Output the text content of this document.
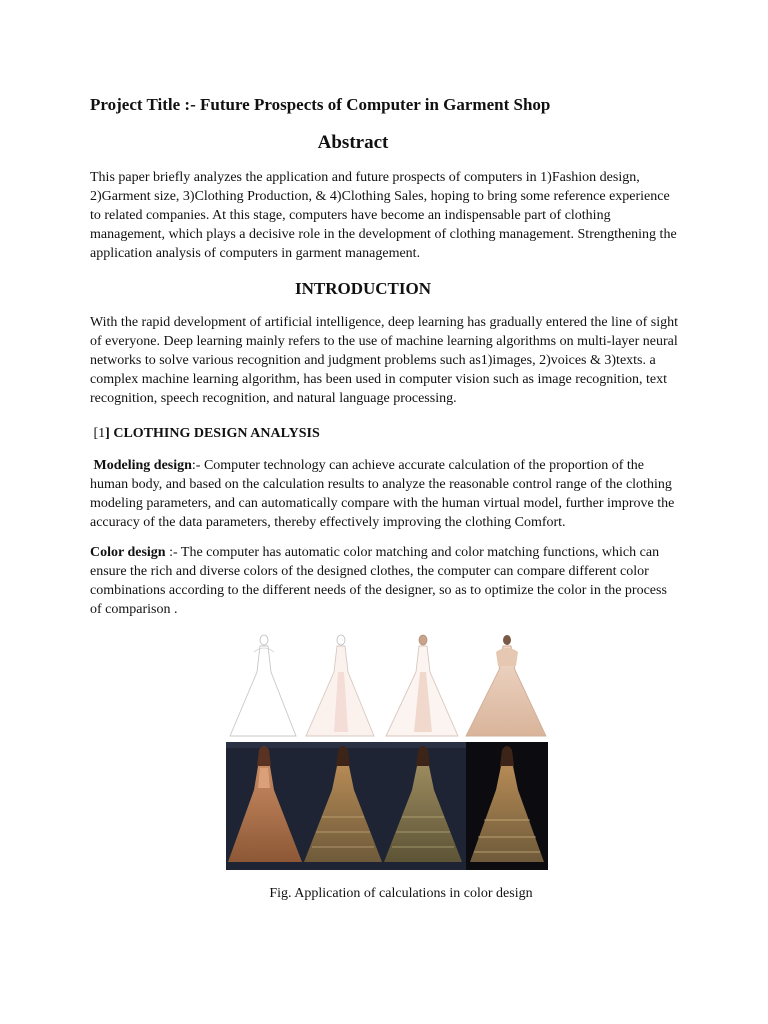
Project Title :- Future Prospects of Computer in Garment Shop
Abstract
This paper briefly analyzes the application and future prospects of computers in 1)Fashion design, 2)Garment size, 3)Clothing Production, & 4)Clothing Sales, hoping to bring some reference experience to related companies. At this stage, computers have become an indispensable part of clothing management, which plays a decisive role in the development of clothing management. Strengthening the application analysis of computers in garment management.
INTRODUCTION
With the rapid development of artificial intelligence, deep learning has gradually entered the line of sight of everyone. Deep learning mainly refers to the use of machine learning algorithms on multi-layer neural networks to solve various recognition and judgment problems such as1)images, 2)voices & 3)texts. a complex machine learning algorithm, has been used in computer vision such as image recognition, text recognition, speech recognition, and natural language processing.
[1] CLOTHING DESIGN ANALYSIS
Modeling design:- Computer technology can achieve accurate calculation of the proportion of the human body, and based on the calculation results to analyze the reasonable control range of the clothing modeling parameters, and can automatically compare with the human virtual model, further improve the accuracy of the data parameters, thereby effectively improving the clothing Comfort.
Color design :- The computer has automatic color matching and color matching functions, which can ensure the rich and diverse colors of the designed clothes, the computer can compare different color combinations according to the different needs of the designer, so as to optimize the color in the process of comparison .
Fig. Application of calculations in color design
